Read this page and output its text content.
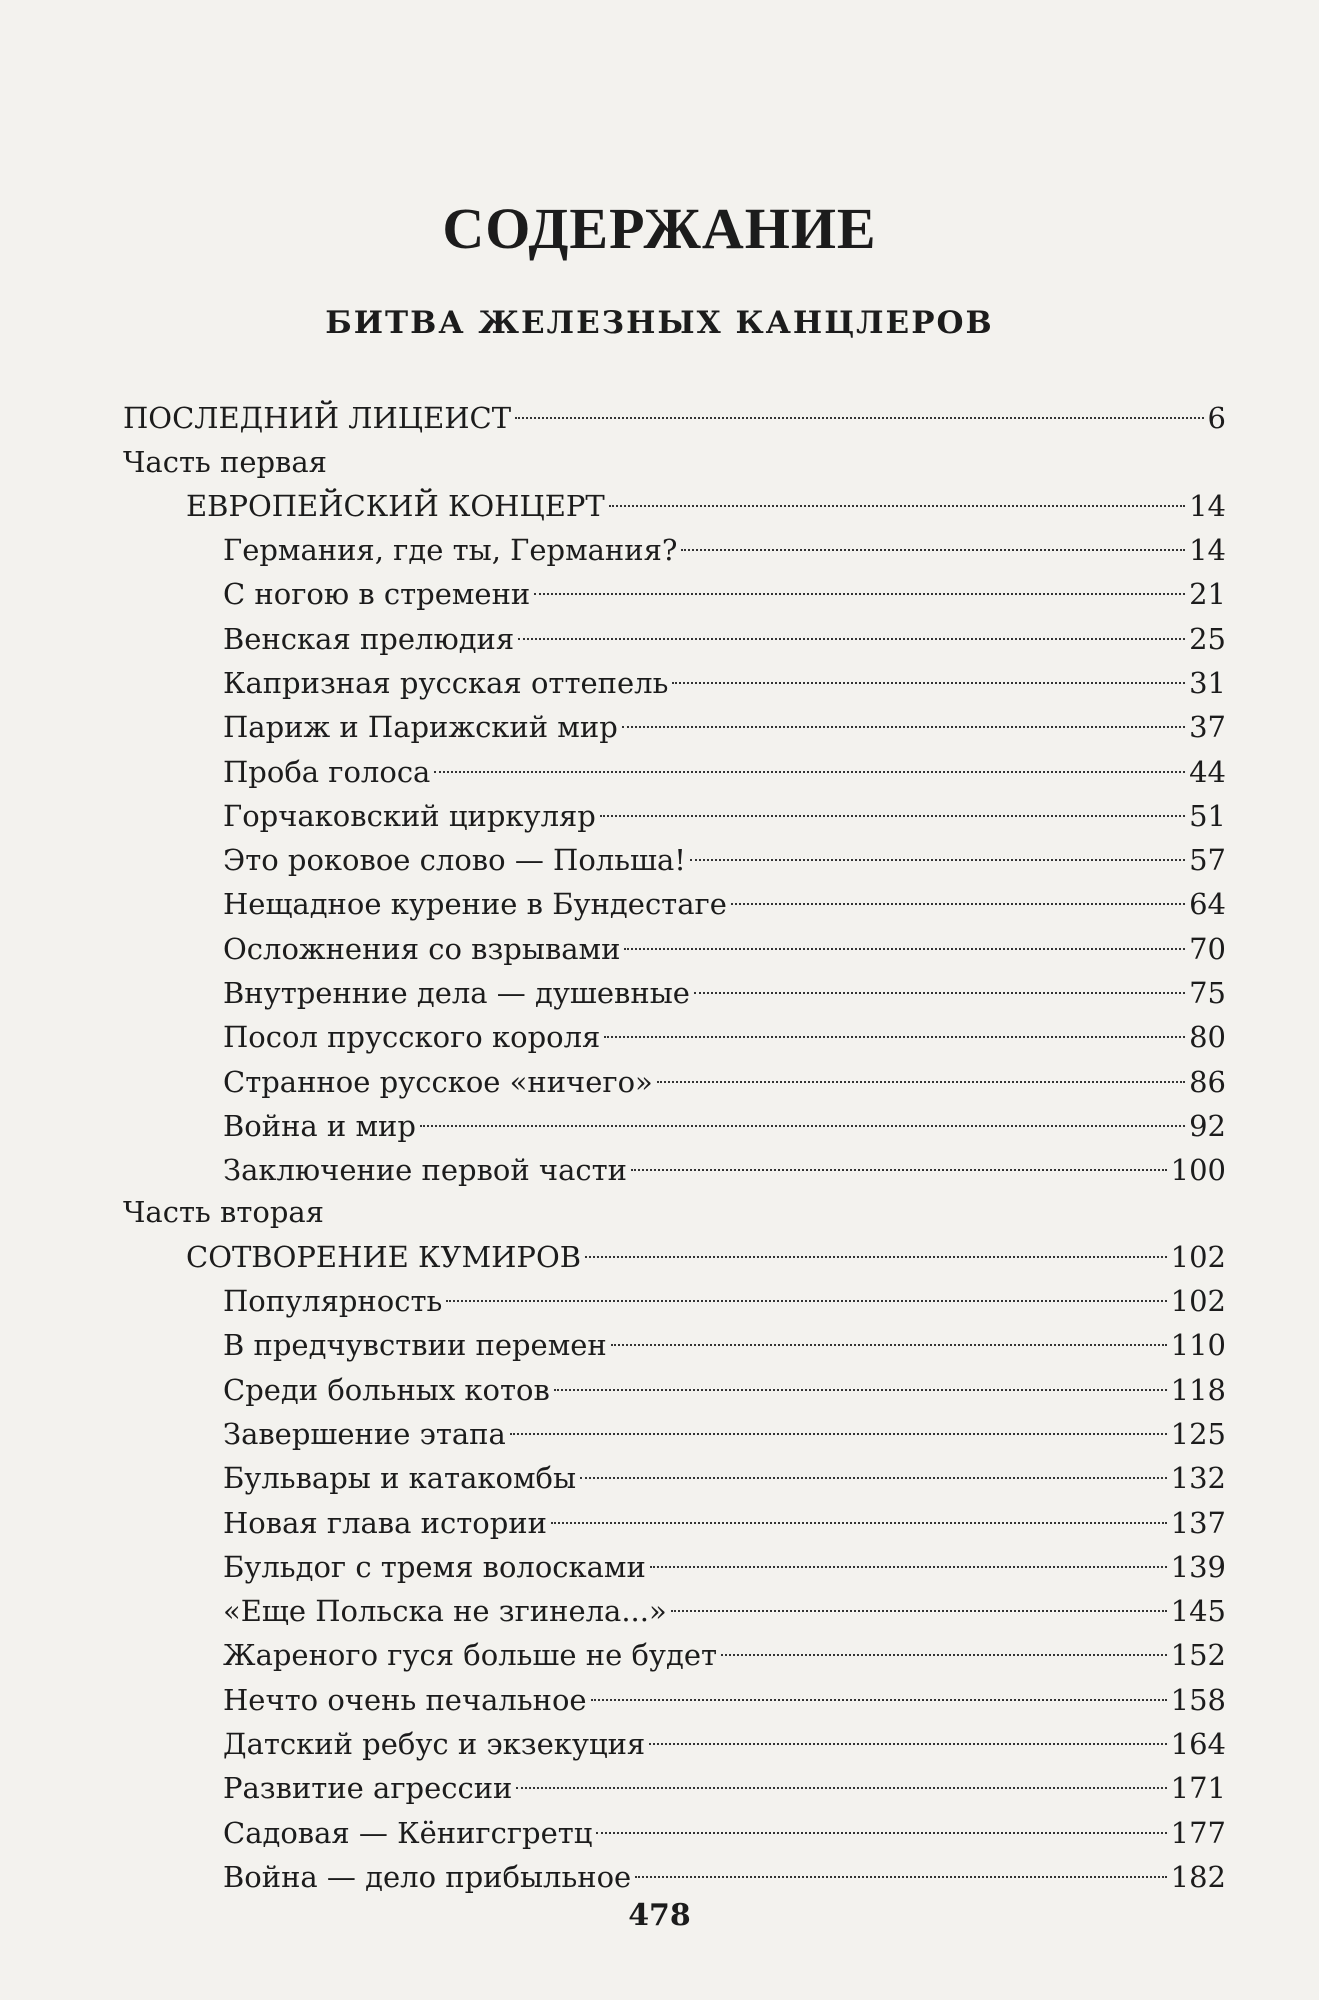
СОДЕРЖАНИЕ
БИТВА ЖЕЛЕЗНЫХ КАНЦЛЕРОВ
ПОСЛЕДНИЙ ЛИЦЕИСТ	6
Часть первая
ЕВРОПЕЙСКИЙ КОНЦЕРТ	14
Германия, где ты, Германия?	14
С ногою в стремени	21
Венская прелюдия	25
Капризная русская оттепель	31
Париж и Парижский мир	37
Проба голоса	44
Горчаковский циркуляр	51
Это роковое слово — Польша!	57
Нещадное курение в Бундестаге	64
Осложнения со взрывами	70
Внутренние дела — душевные	75
Посол прусского короля	80
Странное русское «ничего»	86
Война и мир	92
Заключение первой части	100
Часть вторая
СОТВОРЕНИЕ КУМИРОВ	102
Популярность	102
В предчувствии перемен	110
Среди больных котов	118
Завершение этапа	125
Бульвары и катакомбы	132
Новая глава истории	137
Бульдог с тремя волосками	139
«Еще Польска не згинела...»	145
Жареного гуся больше не будет	152
Нечто очень печальное	158
Датский ребус и экзекуция	164
Развитие агрессии	171
Садовая — Кёнигсгретц	177
Война — дело прибыльное	182
478
